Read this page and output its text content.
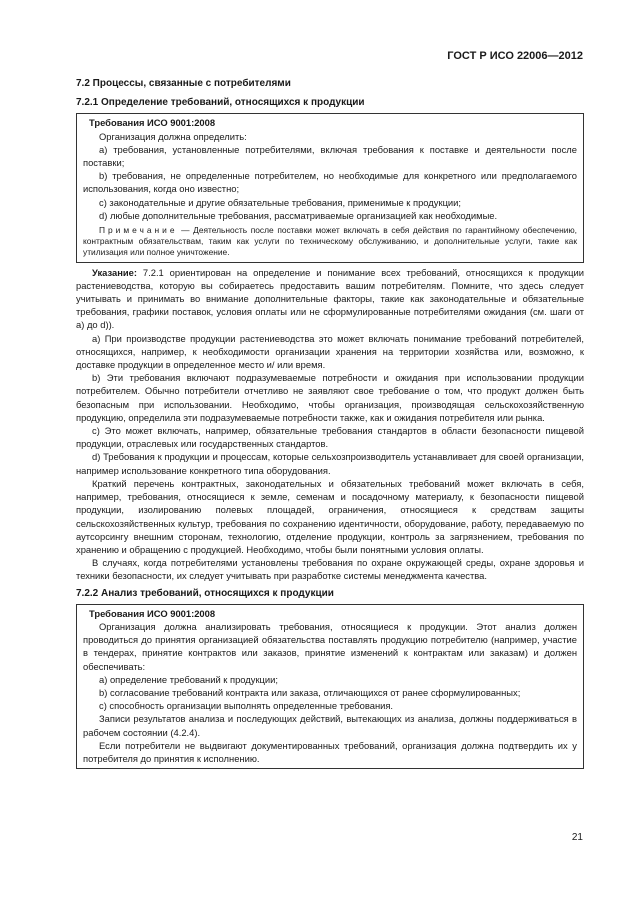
ГОСТ Р ИСО 22006—2012
7.2 Процессы, связанные с потребителями
7.2.1 Определение требований, относящихся к продукции
Требования ИСО 9001:2008
Организация должна определить:
а) требования, установленные потребителями, включая требования к поставке и деятельности после поставки;
b) требования, не определенные потребителем, но необходимые для конкретного или предполагаемого использования, когда оно известно;
c) законодательные и другие обязательные требования, применимые к продукции;
d) любые дополнительные требования, рассматриваемые организацией как необходимые.
Примечание — Деятельность после поставки может включать в себя действия по гарантийному обеспечению, контрактным обязательствам, таким как услуги по техническому обслуживанию, и дополнительные услуги, такие как утилизация или полное уничтожение.
Указание: 7.2.1 ориентирован на определение и понимание всех требований, относящихся к продукции растениеводства, которую вы собираетесь предоставить вашим потребителям. Помните, что здесь следует учитывать и принимать во внимание дополнительные факторы, такие как законодательные и обязательные требования, графики поставок, условия оплаты или не сформулированные потребителями ожидания (см. шаги от а) до d)).
а) При производстве продукции растениеводства это может включать понимание требований потребителей, относящихся, например, к необходимости организации хранения на территории хозяйства или, возможно, к доставке продукции в определенное место и/ или время.
b) Эти требования включают подразумеваемые потребности и ожидания при использовании продукции потребителем. Обычно потребители отчетливо не заявляют свое требование о том, что продукт должен быть безопасным при использовании. Необходимо, чтобы организация, производящая сельскохозяйственную продукцию, определила эти подразумеваемые потребности также, как и ожидания потребителя или рынка.
c) Это может включать, например, обязательные требования стандартов в области безопасности пищевой продукции, отраслевых или государственных стандартов.
d) Требования к продукции и процессам, которые сельхозпроизводитель устанавливает для своей организации, например использование конкретного типа оборудования.
Краткий перечень контрактных, законодательных и обязательных требований может включать в себя, например, требования, относящиеся к земле, семенам и посадочному материалу, к безопасности пищевой продукции, изолированию полевых площадей, ограничения, относящиеся к средствам защиты сельскохозяйственных культур, требования по сохранению идентичности, оборудование, работу, передаваемую по аутсорсингу внешним сторонам, технологию, отделение продукции, контроль за загрязнением, требования по хранению и обращению с продукцией. Необходимо, чтобы были понятными условия оплаты.
В случаях, когда потребителями установлены требования по охране окружающей среды, охране здоровья и техники безопасности, их следует учитывать при разработке системы менеджмента качества.
7.2.2 Анализ требований, относящихся к продукции
Требования ИСО 9001:2008
Организация должна анализировать требования, относящиеся к продукции. Этот анализ должен проводиться до принятия организацией обязательства поставлять продукцию потребителю (например, участие в тендерах, принятие контрактов или заказов, принятие изменений к контрактам или заказам) и должен обеспечивать:
а) определение требований к продукции;
b) согласование требований контракта или заказа, отличающихся от ранее сформулированных;
c) способность организации выполнять определенные требования.
Записи результатов анализа и последующих действий, вытекающих из анализа, должны поддерживаться в рабочем состоянии (4.2.4).
Если потребители не выдвигают документированных требований, организация должна подтвердить их у потребителя до принятия к исполнению.
21
